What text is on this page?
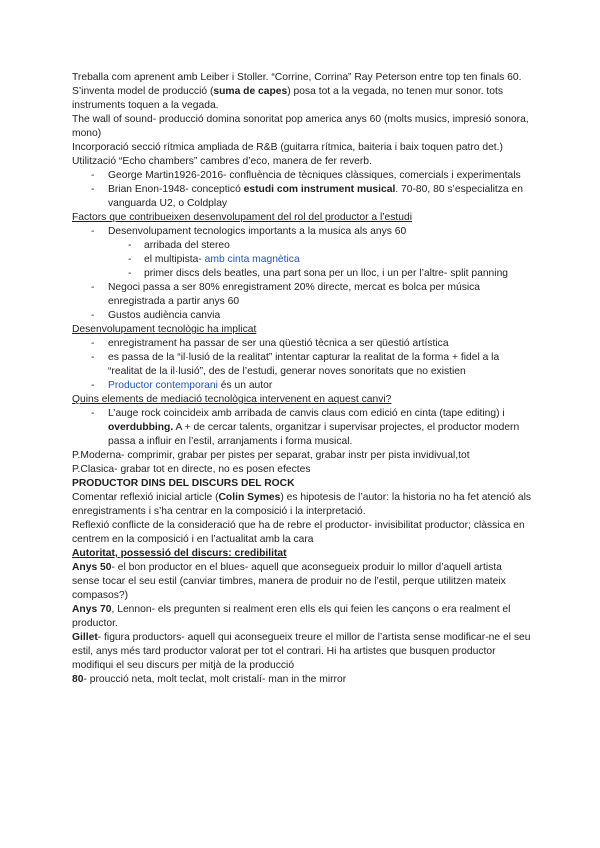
Treballa com aprenent amb Leiber i Stoller. “Corrine, Corrina” Ray Peterson entre top ten finals 60.

S’inventa model de producció (suma de capes) posa tot a la vegada, no tenen mur sonor. tots instruments toquen a la vegada.

The wall of sound- producció domina sonoritat pop america anys 60 (molts musics, impresió sonora, mono)

Incorporació secció rítmica ampliada de R&B (guitarra rítmica, baiteria i baix toquen patro det.) Utilització “Echo chambers” cambres d’eco, manera de fer reverb.

- George Martin1926-2016- confluència de tècniques clàssiques, comercials i experimentals
- Brian Enon-1948- concepticó estudi com instrument musical. 70-80, 80 s’especialitza en vanguarda U2, o Coldplay

Factors que contribueixen desenvolupament del rol del productor a l’estudi

- Desenvolupament tecnologics importants a la musica als anys 60
- arribada del stereo
- el multipista- amb cinta magnètica
- primer discs dels beatles, una part sona per un lloc, i un per l’altre- split panning
- Negoci passa a ser 80% enregistrament 20% directe, mercat es bolca per música enregistrada a partir anys 60
- Gustos audiència canvia

Desenvolupament tecnològic ha implicat

- enregistrament ha passar de ser una qüestió tècnica a ser qüestió artística
- es passa de la “il·lusió de la realitat” intentar capturar la realitat de la forma + fidel a la “realitat de la il·lusió”, des de l’estudi, generar noves sonoritats que no existien
- Productor contemporani és un autor

Quins elements de mediació tecnològica intervenent en aquest canvi?

- L’auge rock coincideix amb arribada de canvis claus com edició en cinta (tape editing) i overdubbing. A + de cercar talents, organitzar i supervisar projectes, el productor modern passa a influir en l’estil, arranjaments i forma musical.

P.Moderna- comprimir, grabar per pistes per separat, grabar instr per pista invidivual,tot

P.Clasica- grabar tot en directe, no es posen efectes

PRODUCTOR DINS DEL DISCURS DEL ROCK

Comentar reflexió inicial article (Colin Symes) es hipotesis de l’autor: la historia no ha fet atenció als enregistraments i s’ha centrar en la composició i la interpretació.

Reflexió conflicte de la consideració que ha de rebre el productor- invisibilitat productor; clàssica en centrem en la composició i en l’actualitat amb la cara

Autoritat, possessió del discurs: credibilitat

Anys 50- el bon productor en el blues- aquell que aconsegueix produir lo millor d’aquell artista sense tocar el seu estil (canviar timbres, manera de produir no de l’estil, perque utilitzen mateix compasos?)

Anys 70, Lennon- els pregunten si realment eren ells els qui feien les cançons o era realment el productor.

Gillet- figura productors- aquell qui aconsegueix treure el millor de l’artista sense modificar-ne el seu estil, anys més tard productor valorat per tot el contrari. Hi ha artistes que busquen productor modifiqui el seu discurs per mitjà de la producció

80- proucció neta, molt teclat, molt cristalí- man in the mirror
